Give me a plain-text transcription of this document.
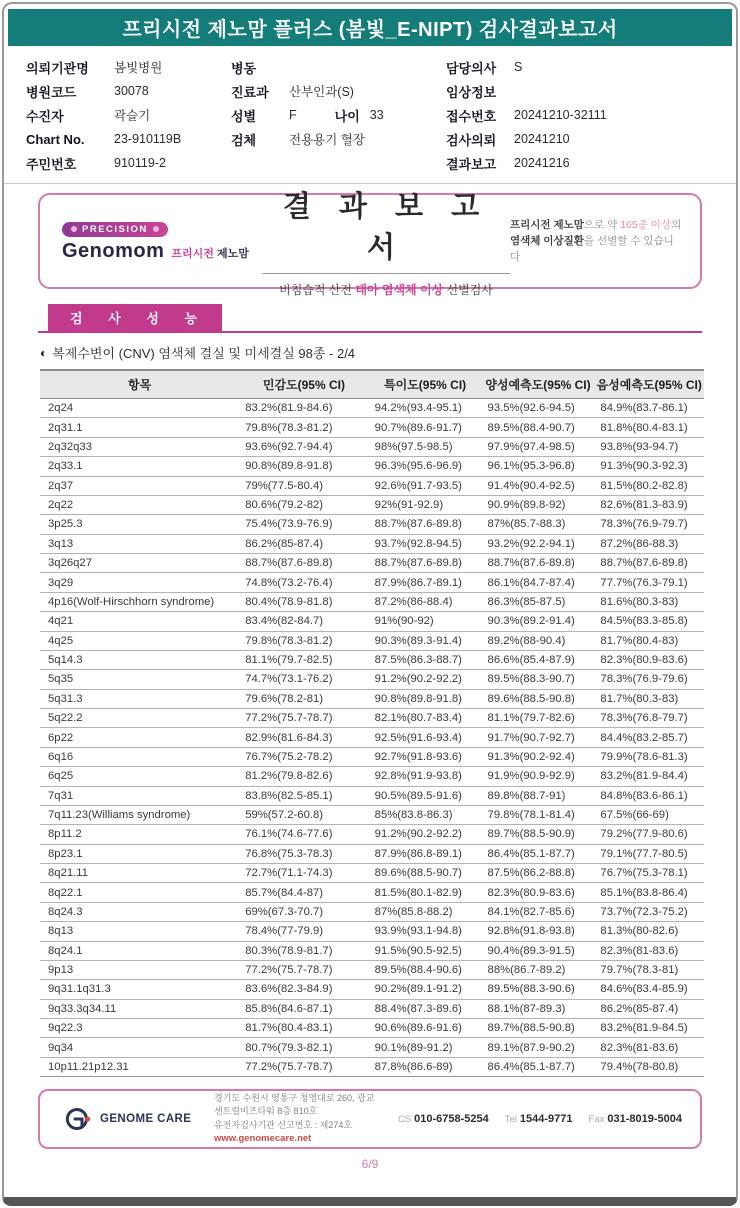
프리시전 제노맘 플러스 (봄빛_E-NIPT) 검사결과보고서
의뢰기관명	봄빛병원
병원코드	30078
수진자	곽슬기
Chart No.	23-910119B
주민번호	910119-2
병동
진료과	산부인과(S)
성별	F	나이 33
검체	전용용기 혈장
담당의사	S
임상정보
접수번호	20241210-32111
검사의뢰	20241210
결과보고	20241216
PRECISION
Genomom 프리시전 제노맘
결 과 보 고 서
비침습적 산전 태아 염색체 이상 선별검사
프리시전 제노맘으로 약 165종 이상의
염색체 이상질환을 선별할 수 있습니다
검 사 성 능
◐ 복제수변이 (CNV) 염색체 결실 및 미세결실 98종 - 2/4
항목	민감도(95% CI)	특이도(95% CI)	양성예측도(95% CI)	음성예측도(95% CI)
2q24	83.2%(81.9-84.6)	94.2%(93.4-95.1)	93.5%(92.6-94.5)	84.9%(83.7-86.1)
2q31.1	79.8%(78.3-81.2)	90.7%(89.6-91.7)	89.5%(88.4-90.7)	81.8%(80.4-83.1)
2q32q33	93.6%(92.7-94.4)	98%(97.5-98.5)	97.9%(97.4-98.5)	93.8%(93-94.7)
2q33.1	90.8%(89.8-91.8)	96.3%(95.6-96.9)	96.1%(95.3-96.8)	91.3%(90.3-92.3)
2q37	79%(77.5-80.4)	92.6%(91.7-93.5)	91.4%(90.4-92.5)	81.5%(80.2-82.8)
2q22	80.6%(79.2-82)	92%(91-92.9)	90.9%(89.8-92)	82.6%(81.3-83.9)
3p25.3	75.4%(73.9-76.9)	88.7%(87.6-89.8)	87%(85.7-88.3)	78.3%(76.9-79.7)
3q13	86.2%(85-87.4)	93.7%(92.8-94.5)	93.2%(92.2-94.1)	87.2%(86-88.3)
3q26q27	88.7%(87.6-89.8)	88.7%(87.6-89.8)	88.7%(87.6-89.8)	88.7%(87.6-89.8)
3q29	74.8%(73.2-76.4)	87.9%(86.7-89.1)	86.1%(84.7-87.4)	77.7%(76.3-79.1)
4p16(Wolf-Hirschhorn syndrome)	80.4%(78.9-81.8)	87.2%(86-88.4)	86.3%(85-87.5)	81.6%(80.3-83)
4q21	83.4%(82-84.7)	91%(90-92)	90.3%(89.2-91.4)	84.5%(83.3-85.8)
4q25	79.8%(78.3-81.2)	90.3%(89.3-91.4)	89.2%(88-90.4)	81.7%(80.4-83)
5q14.3	81.1%(79.7-82.5)	87.5%(86.3-88.7)	86.6%(85.4-87.9)	82.3%(80.9-83.6)
5q35	74.7%(73.1-76.2)	91.2%(90.2-92.2)	89.5%(88.3-90.7)	78.3%(76.9-79.6)
5q31.3	79.6%(78.2-81)	90.8%(89.8-91.8)	89.6%(88.5-90.8)	81.7%(80.3-83)
5q22.2	77.2%(75.7-78.7)	82.1%(80.7-83.4)	81.1%(79.7-82.6)	78.3%(76.8-79.7)
6p22	82.9%(81.6-84.3)	92.5%(91.6-93.4)	91.7%(90.7-92.7)	84.4%(83.2-85.7)
6q16	76.7%(75.2-78.2)	92.7%(91.8-93.6)	91.3%(90.2-92.4)	79.9%(78.6-81.3)
6q25	81.2%(79.8-82.6)	92.8%(91.9-93.8)	91.9%(90.9-92.9)	83.2%(81.9-84.4)
7q31	83.8%(82.5-85.1)	90.5%(89.5-91.6)	89.8%(88.7-91)	84.8%(83.6-86.1)
7q11.23(Williams syndrome)	59%(57.2-60.8)	85%(83.8-86.3)	79.8%(78.1-81.4)	67.5%(66-69)
8p11.2	76.1%(74.6-77.6)	91.2%(90.2-92.2)	89.7%(88.5-90.9)	79.2%(77.9-80.6)
8p23.1	76.8%(75.3-78.3)	87.9%(86.8-89.1)	86.4%(85.1-87.7)	79.1%(77.7-80.5)
8q21.11	72.7%(71.1-74.3)	89.6%(88.5-90.7)	87.5%(86.2-88.8)	76.7%(75.3-78.1)
8q22.1	85.7%(84.4-87)	81.5%(80.1-82.9)	82.3%(80.9-83.6)	85.1%(83.8-86.4)
8q24.3	69%(67.3-70.7)	87%(85.8-88.2)	84.1%(82.7-85.6)	73.7%(72.3-75.2)
8q13	78.4%(77-79.9)	93.9%(93.1-94.8)	92.8%(91.8-93.8)	81.3%(80-82.6)
8q24.1	80.3%(78.9-81.7)	91.5%(90.5-92.5)	90.4%(89.3-91.5)	82.3%(81-83.6)
9p13	77.2%(75.7-78.7)	89.5%(88.4-90.6)	88%(86.7-89.2)	79.7%(78.3-81)
9q31.1q31.3	83.6%(82.3-84.9)	90.2%(89.1-91.2)	89.5%(88.3-90.6)	84.6%(83.4-85.9)
9q33.3q34.11	85.8%(84.6-87.1)	88.4%(87.3-89.6)	88.1%(87-89.3)	86.2%(85-87.4)
9q22.3	81.7%(80.4-83.1)	90.6%(89.6-91.6)	89.7%(88.5-90.8)	83.2%(81.9-84.5)
9q34	80.7%(79.3-82.1)	90.1%(89-91.2)	89.1%(87.9-90.2)	82.3%(81-83.6)
10p11.21p12.31	77.2%(75.7-78.7)	87.8%(86.6-89)	86.4%(85.1-87.7)	79.4%(78-80.8)
GENOME CARE
경기도 수원시 영통구 청명대로 260, 광교 센트럴비즈타워 8층 810호
유전자검사기관 신고번호 : 제274호
www.genomecare.net
CS 010-6758-5254 Tel 1544-9771 Fax 031-8019-5004
6/9
